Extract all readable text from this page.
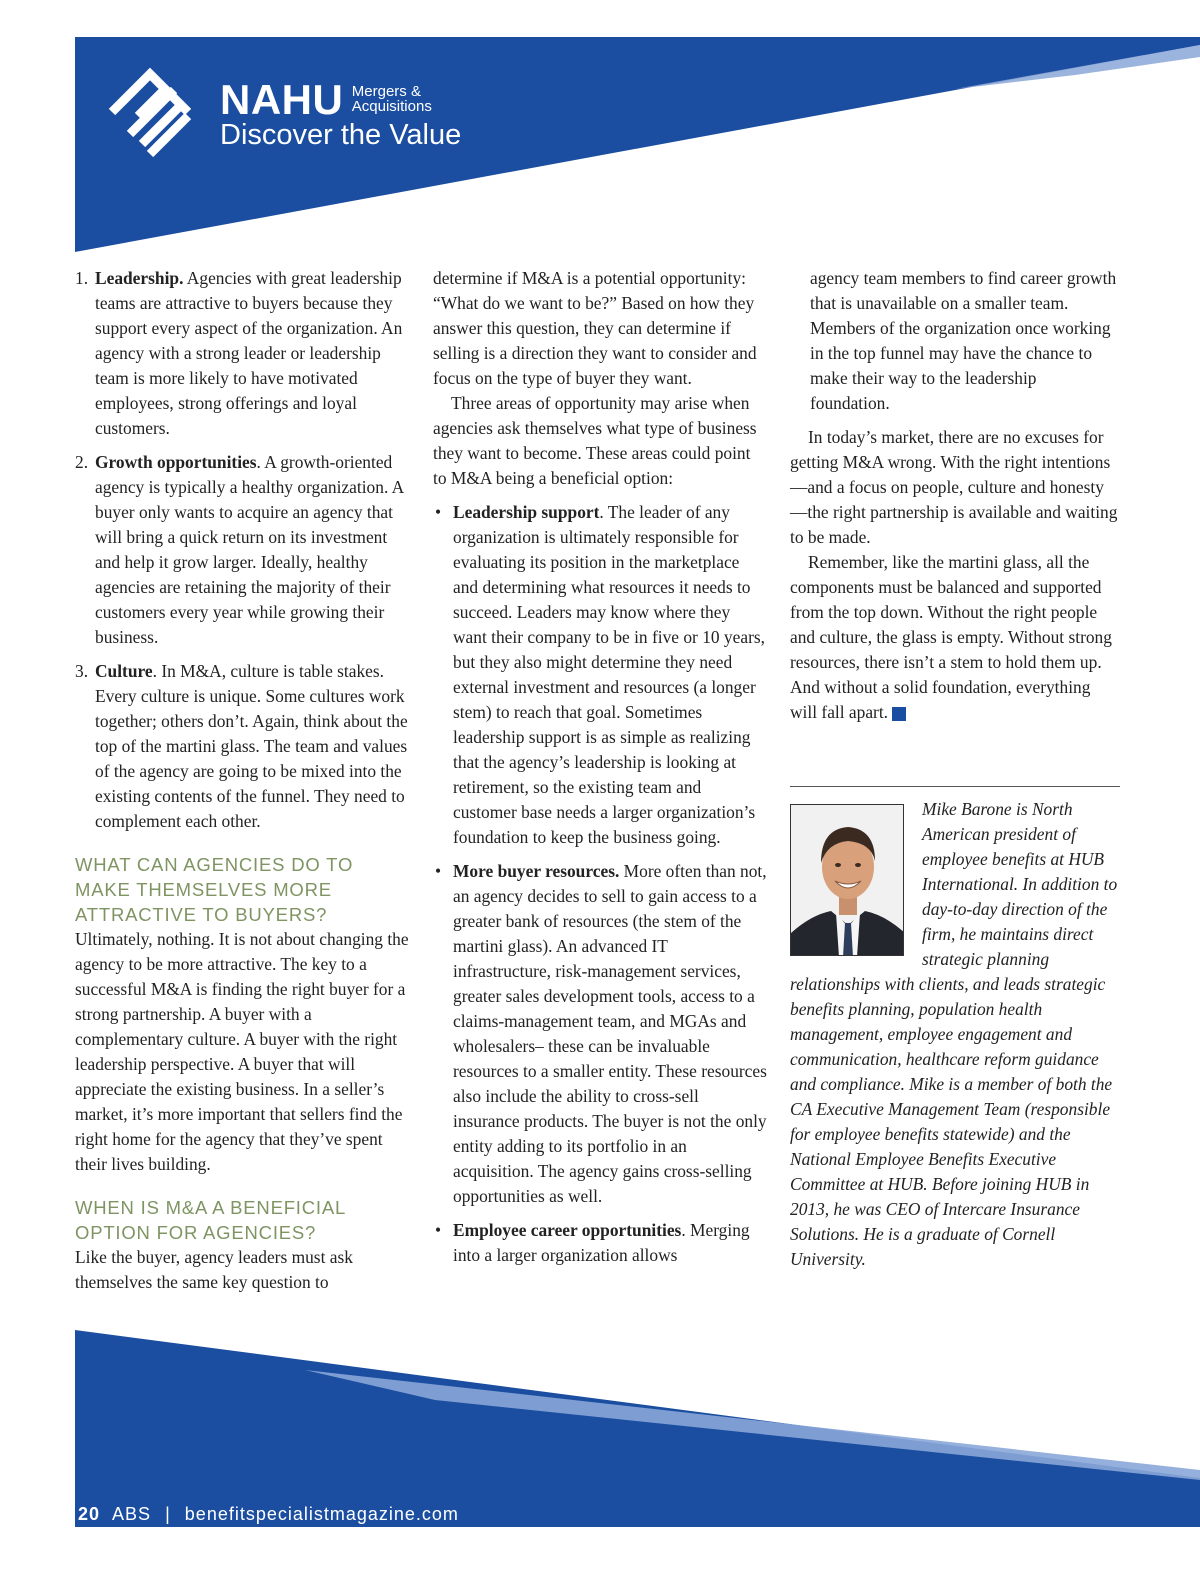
NAHU Mergers &
Acquisitions
Discover the Value
1. Leadership. Agencies with great leadership teams are attractive to buyers because they support every aspect of the organization. An agency with a strong leader or leadership team is more likely to have motivated employees, strong offerings and loyal customers.
2. Growth opportunities. A growth-oriented agency is typically a healthy organization. A buyer only wants to acquire an agency that will bring a quick return on its investment and help it grow larger. Ideally, healthy agencies are retaining the majority of their customers every year while growing their business.
3. Culture. In M&A, culture is table stakes. Every culture is unique. Some cultures work together; others don’t. Again, think about the top of the martini glass. The team and values of the agency are going to be mixed into the existing contents of the funnel. They need to complement each other.
WHAT CAN AGENCIES DO TO MAKE THEMSELVES MORE ATTRACTIVE TO BUYERS?

Ultimately, nothing. It is not about changing the agency to be more attractive. The key to a successful M&A is finding the right buyer for a strong partnership. A buyer with a complementary culture. A buyer with the right leadership perspective. A buyer that will appreciate the existing business. In a seller’s market, it’s more important that sellers find the right home for the agency that they’ve spent their lives building.

WHEN IS M&A A BENEFICIAL OPTION FOR AGENCIES?

Like the buyer, agency leaders must ask themselves the same key question to

determine if M&A is a potential opportunity: “What do we want to be?” Based on how they answer this question, they can determine if selling is a direction they want to consider and focus on the type of buyer they want.

Three areas of opportunity may arise when agencies ask themselves what type of business they want to become. These areas could point to M&A being a beneficial option:

• Leadership support. The leader of any organization is ultimately responsible for evaluating its position in the marketplace and determining what resources it needs to succeed. Leaders may know where they want their company to be in five or 10 years, but they also might determine they need external investment and resources (a longer stem) to reach that goal. Sometimes leadership support is as simple as realizing that the agency’s leadership is looking at retirement, so the existing team and customer base needs a larger organization’s foundation to keep the business going.
• More buyer resources. More often than not, an agency decides to sell to gain access to a greater bank of resources (the stem of the martini glass). An advanced IT infrastructure, risk-management services, greater sales development tools, access to a claims-management team, and MGAs and wholesalers– these can be invaluable resources to a smaller entity. These resources also include the ability to cross-sell insurance products. The buyer is not the only entity adding to its portfolio in an acquisition. The agency gains cross-selling opportunities as well.
• Employee career opportunities. Merging into a larger organization allows

agency team members to find career growth that is unavailable on a smaller team. Members of the organization once working in the top funnel may have the chance to make their way to the leadership foundation.

In today’s market, there are no excuses for getting M&A wrong. With the right intentions—and a focus on people, culture and honesty—the right partnership is available and waiting to be made.

Remember, like the martini glass, all the components must be balanced and supported from the top down. Without the right people and culture, the glass is empty. Without strong resources, there isn’t a stem to hold them up. And without a solid foundation, everything will fall apart.	ABS

Mike Barone is North American president of employee benefits at HUB International. In addition to day-to-day direction of the firm, he maintains direct strategic planning relationships with clients, and leads strategic benefits planning, population health management, employee engagement and communication, healthcare reform guidance and compliance. Mike is a member of both the CA Executive Management Team (responsible for employee benefits statewide) and the National Employee Benefits Executive Committee at HUB. Before joining HUB in 2013, he was CEO of Intercare Insurance Solutions. He is a graduate of Cornell University.
20 ABS | benefitspecialistmagazine.com
